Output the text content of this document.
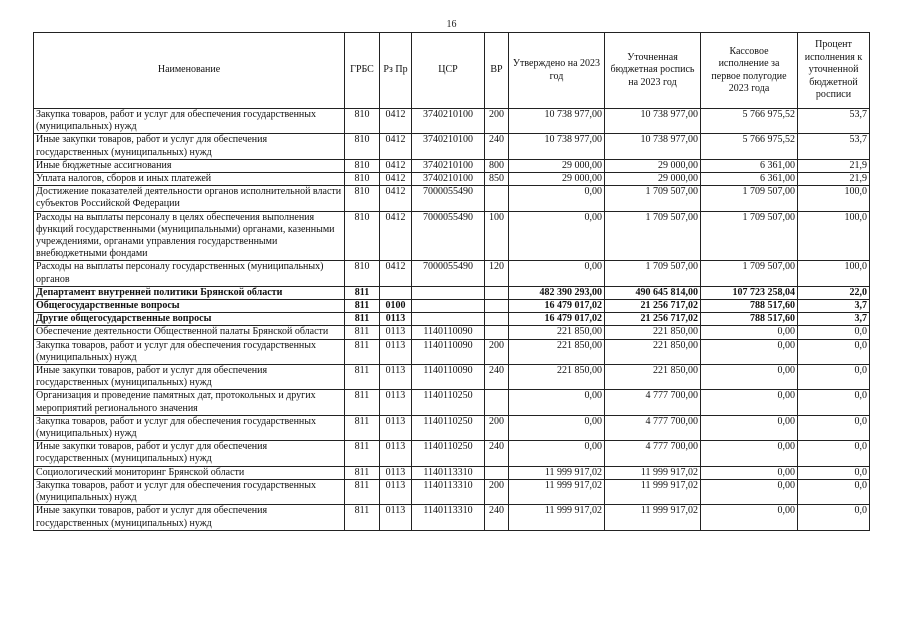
16
Наименование	ГРБС	Рз Пр	ЦСР	ВР	Утверждено на 2023 год	Уточненная бюджетная роспись на 2023 год	Кассовое исполнение за первое полугодие 2023 года	Процент исполнения к уточненной бюджетной росписи
Закупка товаров, работ и услуг для обеспечения государственных (муниципальных) нужд	810	0412	3740210100	200	10 738 977,00	10 738 977,00	5 766 975,52	53,7
Иные закупки товаров, работ и услуг для обеспечения государственных (муниципальных) нужд	810	0412	3740210100	240	10 738 977,00	10 738 977,00	5 766 975,52	53,7
Иные бюджетные ассигнования	810	0412	3740210100	800	29 000,00	29 000,00	6 361,00	21,9
Уплата налогов, сборов и иных платежей	810	0412	3740210100	850	29 000,00	29 000,00	6 361,00	21,9
Достижение показателей деятельности органов исполнительной власти субъектов Российской Федерации	810	0412	7000055490		0,00	1 709 507,00	1 709 507,00	100,0
Расходы на выплаты персоналу в целях обеспечения выполнения функций государственными (муниципальными) органами, казенными учреждениями, органами управления государственными внебюджетными фондами	810	0412	7000055490	100	0,00	1 709 507,00	1 709 507,00	100,0
Расходы на выплаты персоналу государственных (муниципальных) органов	810	0412	7000055490	120	0,00	1 709 507,00	1 709 507,00	100,0
Департамент внутренней политики Брянской области	811				482 390 293,00	490 645 814,00	107 723 258,04	22,0
Общегосударственные вопросы	811	0100			16 479 017,02	21 256 717,02	788 517,60	3,7
Другие общегосударственные вопросы	811	0113			16 479 017,02	21 256 717,02	788 517,60	3,7
Обеспечение деятельности Общественной палаты Брянской области	811	0113	1140110090		221 850,00	221 850,00	0,00	0,0
Закупка товаров, работ и услуг для обеспечения государственных (муниципальных) нужд	811	0113	1140110090	200	221 850,00	221 850,00	0,00	0,0
Иные закупки товаров, работ и услуг для обеспечения государственных (муниципальных) нужд	811	0113	1140110090	240	221 850,00	221 850,00	0,00	0,0
Организация и проведение памятных дат, протокольных и других мероприятий регионального значения	811	0113	1140110250		0,00	4 777 700,00	0,00	0,0
Закупка товаров, работ и услуг для обеспечения государственных (муниципальных) нужд	811	0113	1140110250	200	0,00	4 777 700,00	0,00	0,0
Иные закупки товаров, работ и услуг для обеспечения государственных (муниципальных) нужд	811	0113	1140110250	240	0,00	4 777 700,00	0,00	0,0
Социологический мониторинг Брянской области	811	0113	1140113310		11 999 917,02	11 999 917,02	0,00	0,0
Закупка товаров, работ и услуг для обеспечения государственных (муниципальных) нужд	811	0113	1140113310	200	11 999 917,02	11 999 917,02	0,00	0,0
Иные закупки товаров, работ и услуг для обеспечения государственных (муниципальных) нужд	811	0113	1140113310	240	11 999 917,02	11 999 917,02	0,00	0,0
